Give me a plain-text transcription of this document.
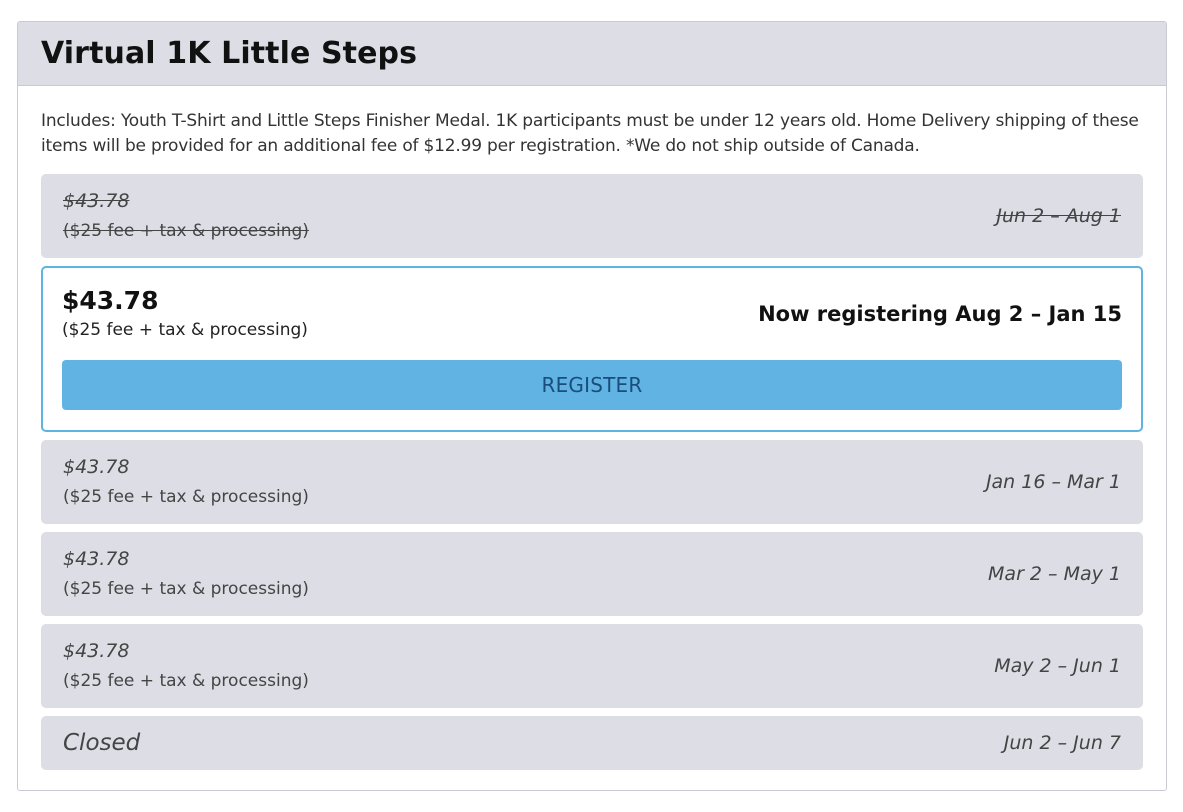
Virtual 1K Little Steps

Includes: Youth T-Shirt and Little Steps Finisher Medal. 1K participants must be under 12 years old. Home Delivery shipping of these items will be provided for an additional fee of $12.99 per registration. *We do not ship outside of Canada.

$43.78
($25 fee + tax & processing)
Jun 2 – Aug 1
$43.78
($25 fee + tax & processing)
Now registering Aug 2 – Jan 15
REGISTER
$43.78
($25 fee + tax & processing)
Jan 16 – Mar 1
$43.78
($25 fee + tax & processing)
Mar 2 – May 1
$43.78
($25 fee + tax & processing)
May 2 – Jun 1
Closed	Jun 2 – Jun 7
